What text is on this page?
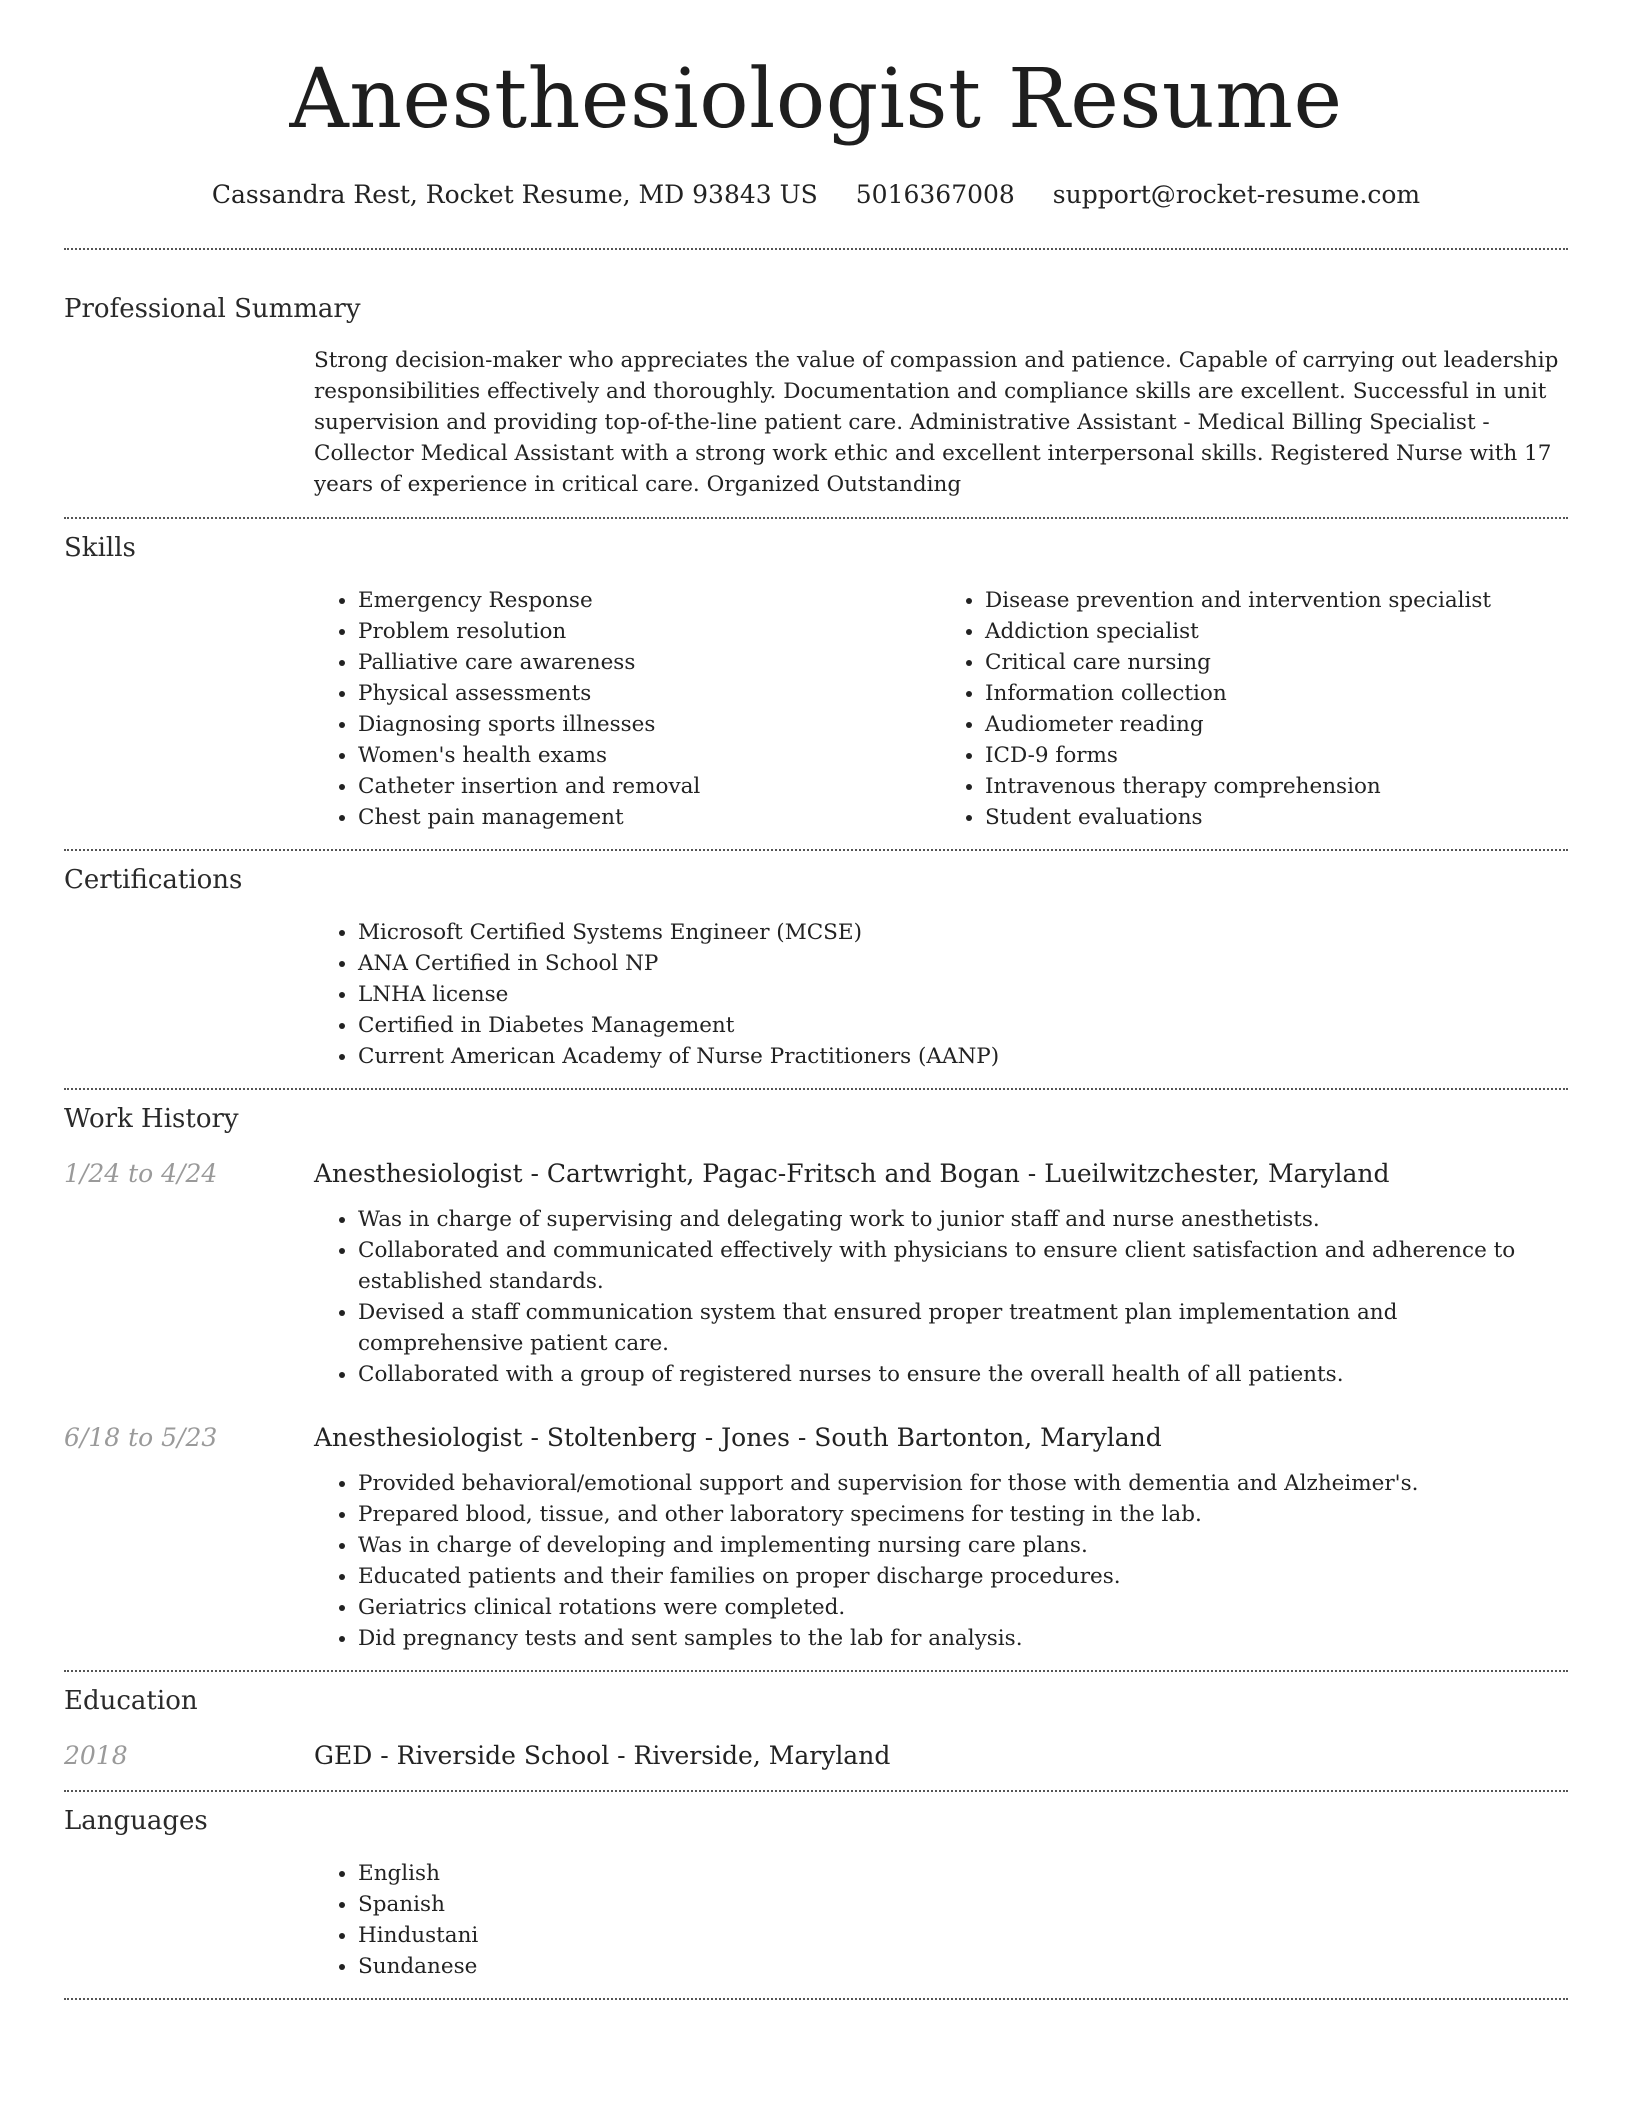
Anesthesiologist Resume
Cassandra Rest, Rocket Resume, MD 93843 US 5016367008 support@rocket-resume.com
Professional Summary

Strong decision-maker who appreciates the value of compassion and patience. Capable of carrying out leadership responsibilities effectively and thoroughly. Documentation and compliance skills are excellent. Successful in unit supervision and providing top-of-the-line patient care. Administrative Assistant - Medical Billing Specialist - Collector Medical Assistant with a strong work ethic and excellent interpersonal skills. Registered Nurse with 17 years of experience in critical care. Organized Outstanding

Skills
• Emergency Response
• Problem resolution
• Palliative care awareness
• Physical assessments
• Diagnosing sports illnesses
• Women's health exams
• Catheter insertion and removal
• Chest pain management
• Disease prevention and intervention specialist
• Addiction specialist
• Critical care nursing
• Information collection
• Audiometer reading
• ICD-9 forms
• Intravenous therapy comprehension
• Student evaluations
Certifications
• Microsoft Certified Systems Engineer (MCSE)
• ANA Certified in School NP
• LNHA license
• Certified in Diabetes Management
• Current American Academy of Nurse Practitioners (AANP)
Work History
1/24 to 4/24	Anesthesiologist - Cartwright, Pagac-Fritsch and Bogan - Lueilwitzchester, Maryland
• Was in charge of supervising and delegating work to junior staff and nurse anesthetists.
• Collaborated and communicated effectively with physicians to ensure client satisfaction and adherence to established standards.
• Devised a staff communication system that ensured proper treatment plan implementation and comprehensive patient care.
• Collaborated with a group of registered nurses to ensure the overall health of all patients.
6/18 to 5/23	Anesthesiologist - Stoltenberg - Jones - South Bartonton, Maryland
• Provided behavioral/emotional support and supervision for those with dementia and Alzheimer's.
• Prepared blood, tissue, and other laboratory specimens for testing in the lab.
• Was in charge of developing and implementing nursing care plans.
• Educated patients and their families on proper discharge procedures.
• Geriatrics clinical rotations were completed.
• Did pregnancy tests and sent samples to the lab for analysis.
Education
2018	GED - Riverside School - Riverside, Maryland
Languages
• English
• Spanish
• Hindustani
• Sundanese
